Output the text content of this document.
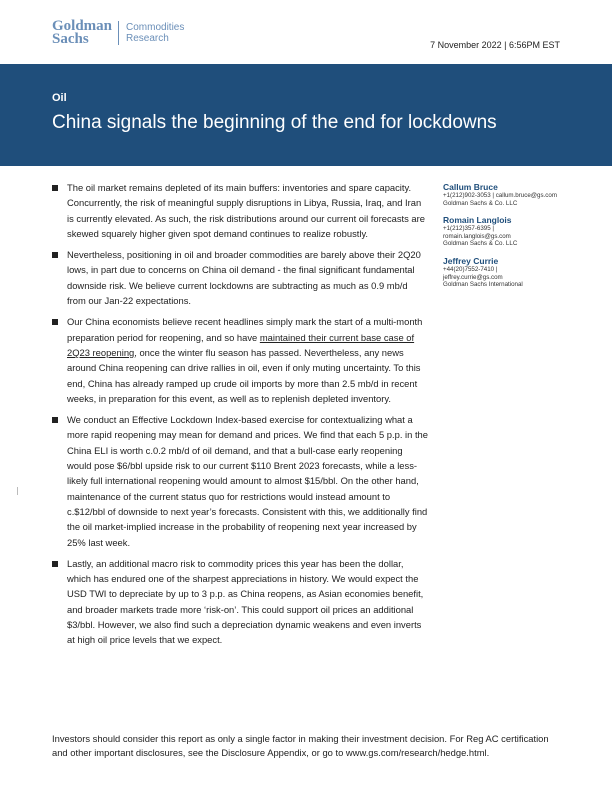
Goldman
Sachs
Commodities
Research
7 November 2022 | 6:56PM EST
Oil
China signals the beginning of the end for lockdowns
The oil market remains depleted of its main buffers: inventories and spare capacity. Concurrently, the risk of meaningful supply disruptions in Libya, Russia, Iraq, and Iran is currently elevated. As such, the risk distributions around our current oil forecasts are skewed squarely higher given spot demand continues to realize robustly.
Nevertheless, positioning in oil and broader commodities are barely above their 2Q20 lows, in part due to concerns on China oil demand - the final significant fundamental downside risk. We believe current lockdowns are subtracting as much as 0.9 mb/d from our Jan-22 expectations.
Our China economists believe recent headlines simply mark the start of a multi-month preparation period for reopening, and so have maintained their current base case of 2Q23 reopening, once the winter flu season has passed. Nevertheless, any news around China reopening can drive rallies in oil, even if only muting uncertainty. To this end, China has already ramped up crude oil imports by more than 2.5 mb/d in recent weeks, in preparation for this event, as well as to replenish depleted inventory.
We conduct an Effective Lockdown Index-based exercise for contextualizing what a more rapid reopening may mean for demand and prices. We find that each 5 p.p. in the China ELI is worth c.0.2 mb/d of oil demand, and that a bull-case early reopening would pose $6/bbl upside risk to our current $110 Brent 2023 forecasts, while a less-likely full international reopening would amount to almost $15/bbl. On the other hand, maintenance of the current status quo for restrictions would instead amount to c.$12/bbl of downside to next year’s forecasts. Consistent with this, we additionally find the oil market-implied increase in the probability of reopening next year increased by 25% last week.
Lastly, an additional macro risk to commodity prices this year has been the dollar, which has endured one of the sharpest appreciations in history. We would expect the USD TWI to depreciate by up to 3 p.p. as China reopens, as Asian economies benefit, and broader markets trade more ‘risk-on’. This could support oil prices an additional $3/bbl. However, we also find such a depreciation dynamic weakens and even inverts at high oil price levels that we expect.
Callum Bruce
+1(212)902-3053 | callum.bruce@gs.com
Goldman Sachs & Co. LLC
Romain Langlois
+1(212)357-6395 |
romain.langlois@gs.com
Goldman Sachs & Co. LLC
Jeffrey Currie
+44(20)7552-7410 |
jeffrey.currie@gs.com
Goldman Sachs International
Investors should consider this report as only a single factor in making their investment decision. For Reg AC certification and other important disclosures, see the Disclosure Appendix, or go to www.gs.com/research/hedge.html.
